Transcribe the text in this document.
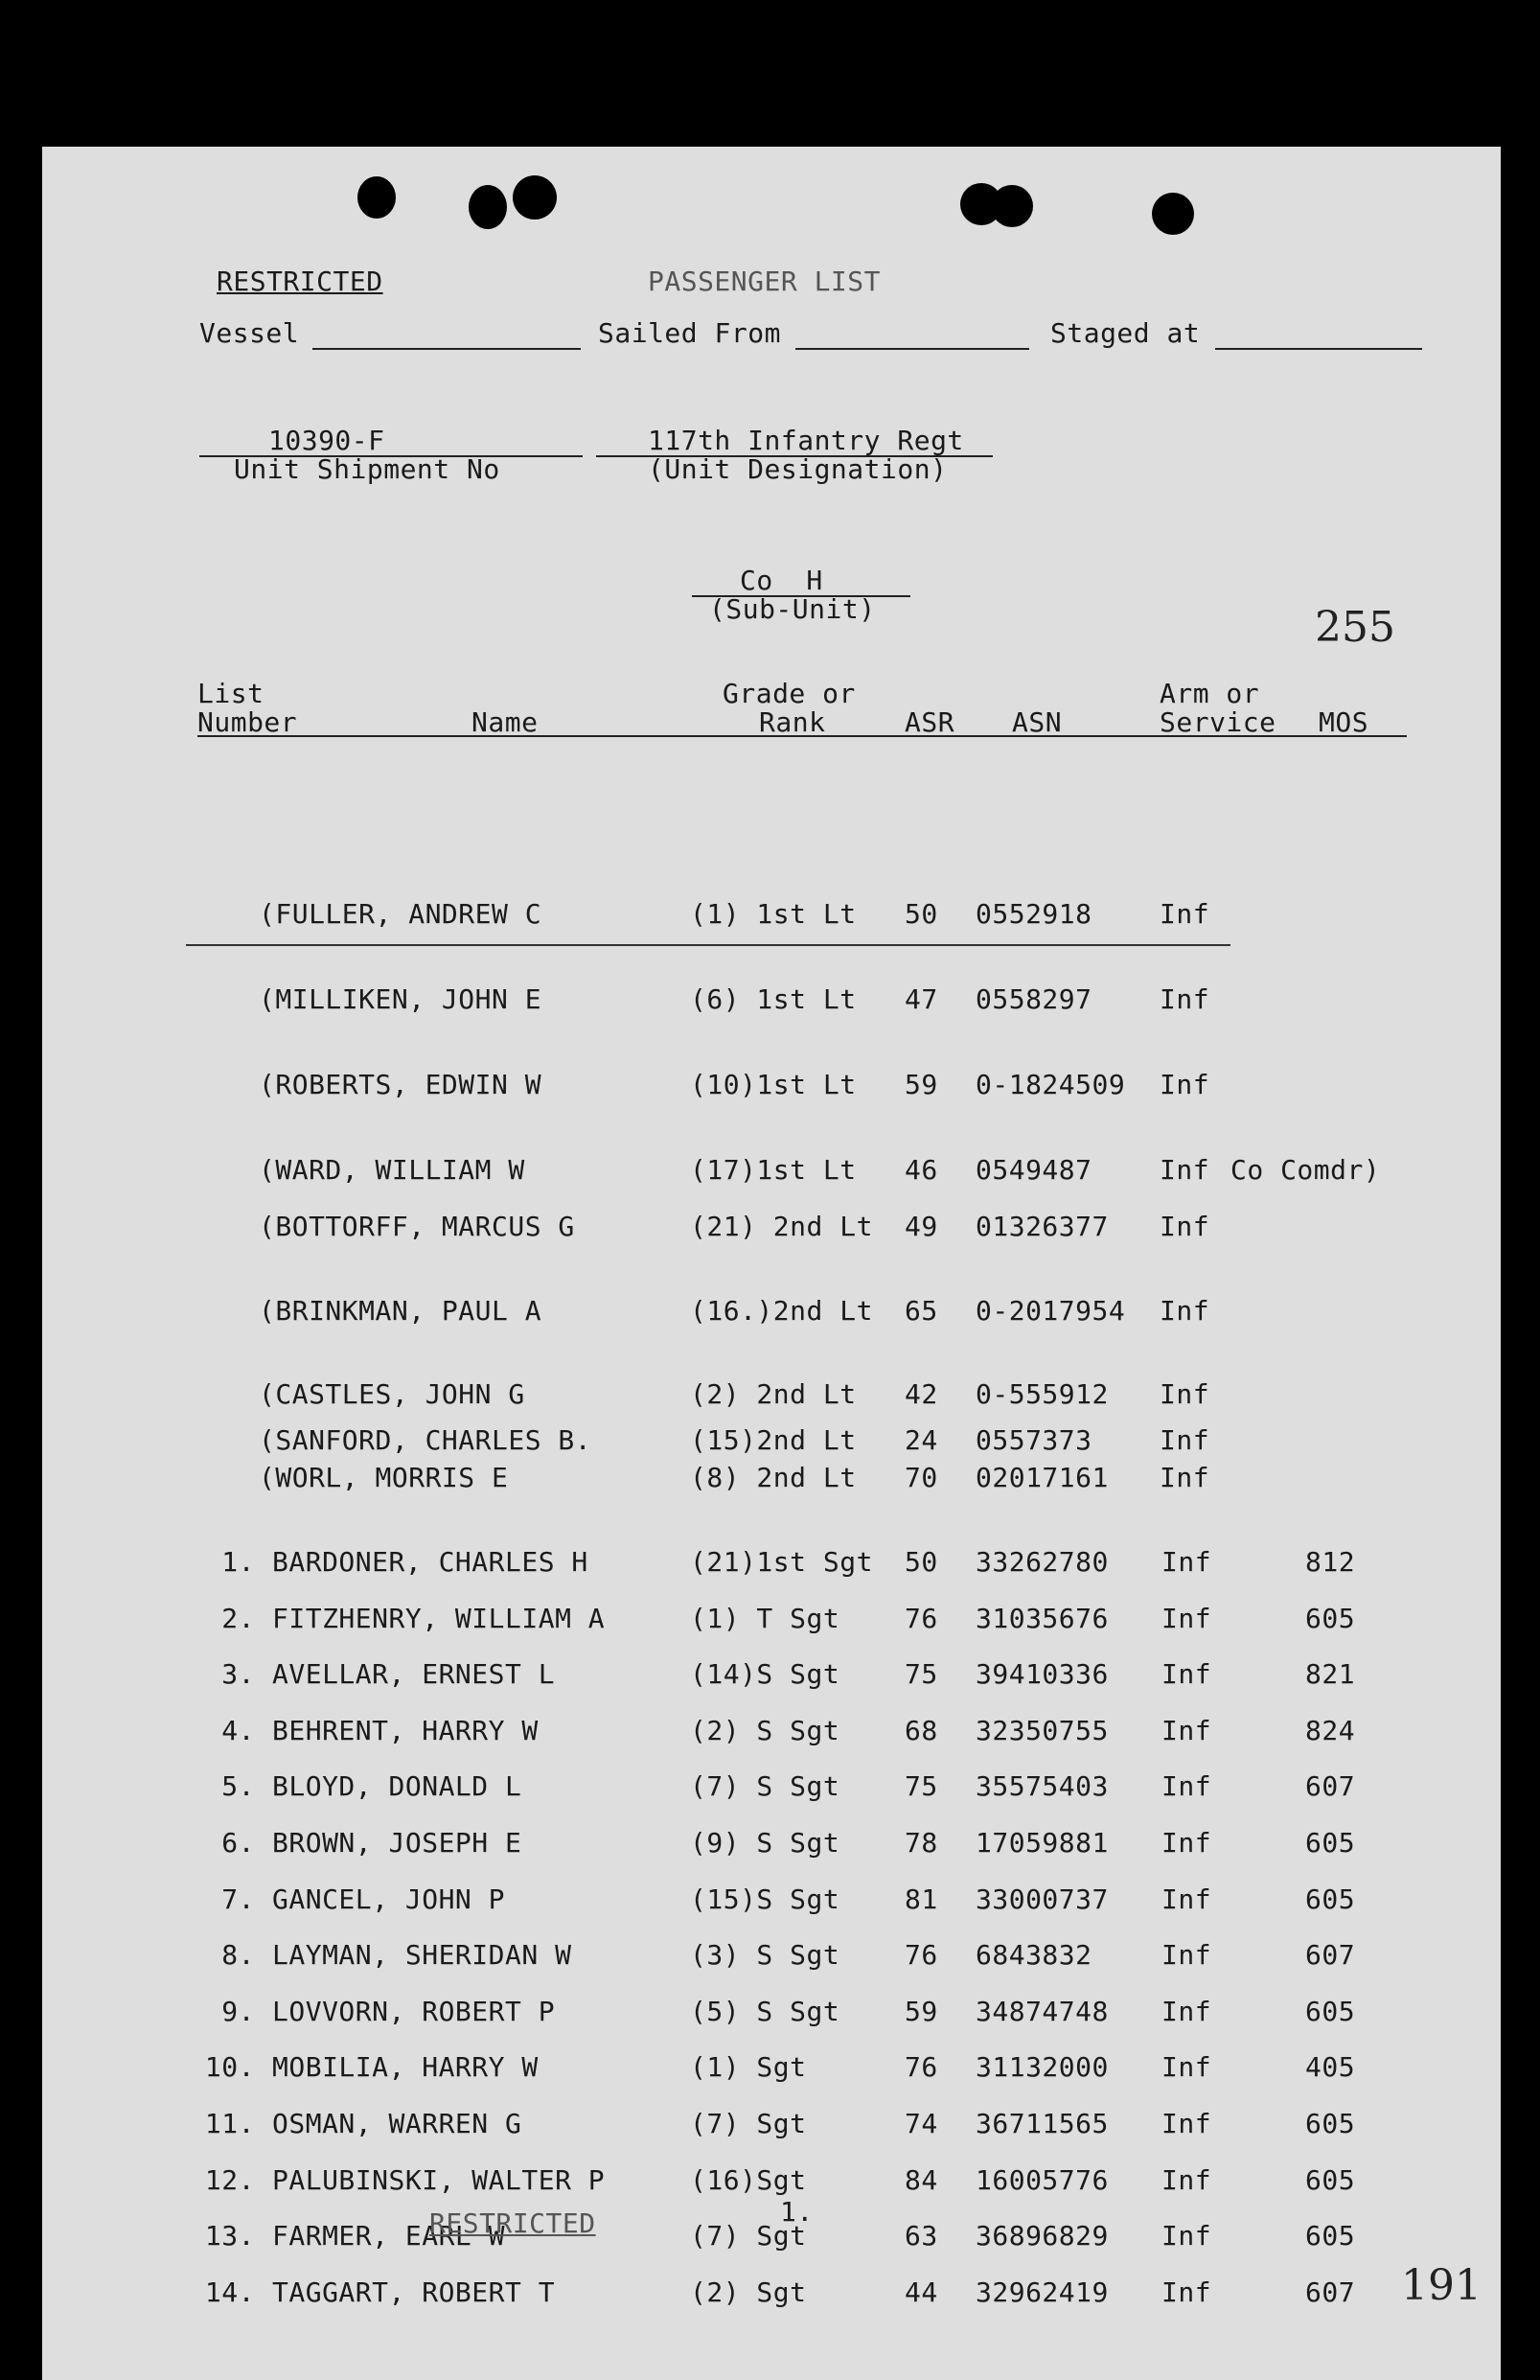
RESTRICTED	PASSENGER LIST
Vessel	Sailed From	Staged at
10390-F
Unit Shipment No
117th Infantry Regt
(Unit Designation)
Co  H
(Sub-Unit)	255
List
Number	Name
Grade or
Rank	ASR ASN
Arm or
Service MOS
(FULLER, ANDREW C	(1) 1st Lt 50 0552918	Inf
(MILLIKEN, JOHN E	(6) 1st Lt 47 0558297	Inf
(ROBERTS, EDWIN W	(10)1st Lt 59 0-1824509 Inf
(WARD, WILLIAM W	(17)1st Lt 46 0549487	Inf Co Comdr)
(BOTTORFF, MARCUS G	(21) 2nd Lt 49 01326377 Inf
(BRINKMAN, PAUL A	(16.)2nd Lt 65 0-2017954 Inf
(CASTLES, JOHN G	(2) 2nd Lt 42 0-555912 Inf
(SANFORD, CHARLES B.	(15)2nd Lt 24 0557373	Inf
(WORL, MORRIS E	(8) 2nd Lt 70 02017161 Inf
1. BARDONER, CHARLES H	(21)1st Sgt 50 33262780 Inf	812
2. FITZHENRY, WILLIAM A	(1) T Sgt 76 31035676 Inf	605
3. AVELLAR, ERNEST L	(14)S Sgt 75 39410336 Inf	821
4. BEHRENT, HARRY W	(2) S Sgt 68 32350755 Inf	824
5. BLOYD, DONALD L	(7) S Sgt 75 35575403 Inf	607
6. BROWN, JOSEPH E	(9) S Sgt 78 17059881 Inf	605
7. GANCEL, JOHN P	(15)S Sgt 81 33000737 Inf	605
8. LAYMAN, SHERIDAN W	(3) S Sgt 76 6843832	Inf	607
9. LOVVORN, ROBERT P	(5) S Sgt 59 34874748 Inf	605
10. MOBILIA, HARRY W	(1) Sgt	76 31132000 Inf	405
11. OSMAN, WARREN G	(7) Sgt	74 36711565 Inf	605
12. PALUBINSKI, WALTER P	(16)Sgt	84 16005776 Inf	605
13. FARMER, EARL W	(7) Sgt	63 36896829 Inf	605
14. TAGGART, ROBERT T	(2) Sgt	44 32962419 Inf	607
RESTRICTED	1.
191
